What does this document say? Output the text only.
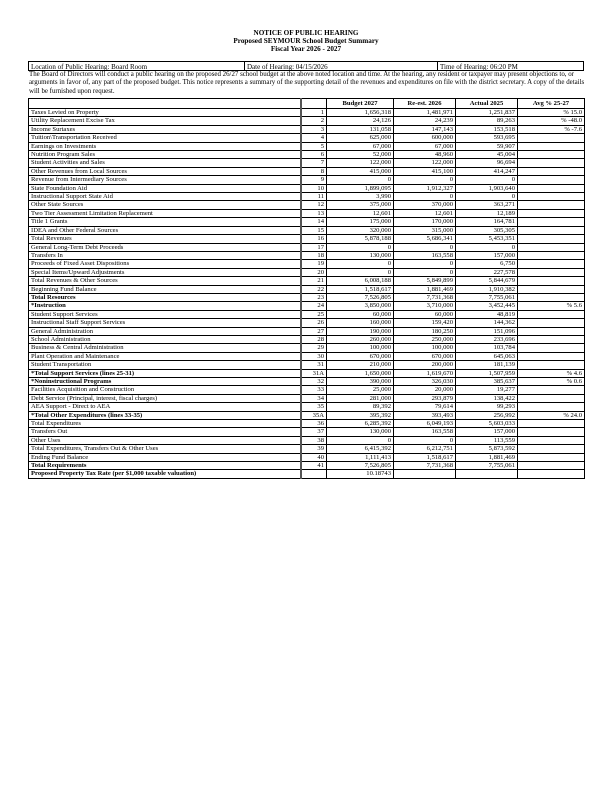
NOTICE OF PUBLIC HEARING
Proposed SEYMOUR School Budget Summary
Fiscal Year 2026 - 2027
Location of Public Hearing: Board Room	Date of Hearing: 04/15/2026	Time of Hearing: 06:20 PM
The Board of Directors will conduct a public hearing on the proposed 26/27 school budget at the above noted location and time. At the hearing, any resident or taxpayer may present objections to, or arguments in favor of, any part of the proposed budget. This notice represents a summary of the supporting detail of the revenues and expenditures on file with the district secretary. A copy of the details will be furnished upon request.
		Budget 2027	Re-est. 2026	Actual 2025	Avg % 25-27
Taxes Levied on Property	1	1,656,318	1,481,971	1,251,837	% 15.0
Utility Replacement Excise Tax	2	24,126	24,239	89,263	% -48.0
Income Surtaxes	3	131,058	147,143	153,518	% -7.6
Tuition\Transportation Received	4	625,000	600,000	593,695	
Earnings on Investments	5	67,000	67,000	59,907	
Nutrition Program Sales	6	52,000	48,960	45,004	
Student Activities and Sales	7	122,000	122,000	96,694	
Other Revenues from Local Sources	8	415,000	415,100	414,247	
Revenue from Intermediary Sources	9	0	0	0	
State Foundation Aid	10	1,899,095	1,912,327	1,903,640	
Instructional Support State Aid	11	3,990	0	0	
Other State Sources	12	375,000	370,000	363,271	
Two Tier Assessment Limitation Replacement	13	12,601	12,601	12,189	
Title 1 Grants	14	175,000	170,000	164,781	
IDEA and Other Federal Sources	15	320,000	315,000	305,305	
Total Revenues	16	5,878,188	5,686,341	5,453,351	
General Long-Term Debt Proceeds	17	0	0	0	
Transfers In	18	130,000	163,558	157,000	
Proceeds of Fixed Asset Dispositions	19	0	0	6,750	
Special Items/Upward Adjustments	20	0	0	227,578	
Total Revenues & Other Sources	21	6,008,188	5,849,899	5,844,679	
Beginning Fund Balance	22	1,518,617	1,881,469	1,910,382	
Total Resources	23	7,526,805	7,731,368	7,755,061	
*Instruction	24	3,850,000	3,710,000	3,452,445	% 5.6
Student Support Services	25	60,000	60,000	48,819	
Instructional Staff Support Services	26	160,000	159,420	144,362	
General Administration	27	190,000	180,250	151,096	
School Administration	28	260,000	250,000	233,696	
Business & Central Administration	29	100,000	100,000	103,784	
Plant Operation and Maintenance	30	670,000	670,000	645,063	
Student Transportation	31	210,000	200,000	181,139	
*Total Support Services (lines 25-31)	31A	1,650,000	1,619,670	1,507,959	% 4.6
*Noninstructional Programs	32	390,000	326,030	385,637	% 0.6
Facilities Acquisition and Construction	33	25,000	20,000	19,277	
Debt Service (Principal, interest, fiscal charges)	34	281,000	293,879	138,422	
AEA Support - Direct to AEA	35	89,392	79,614	99,293	
*Total Other Expenditures (lines 33-35)	35A	395,392	393,493	256,992	% 24.0
Total Expenditures	36	6,285,392	6,049,193	5,603,033	
Transfers Out	37	130,000	163,558	157,000	
Other Uses	38	0	0	113,559	
Total Expenditures, Transfers Out & Other Uses	39	6,415,392	6,212,751	5,873,592	
Ending Fund Balance	40	1,111,413	1,518,617	1,881,469	
Total Requirements	41	7,526,805	7,731,368	7,755,061	
Proposed Property Tax Rate (per $1,000 taxable valuation)		10.18743			
